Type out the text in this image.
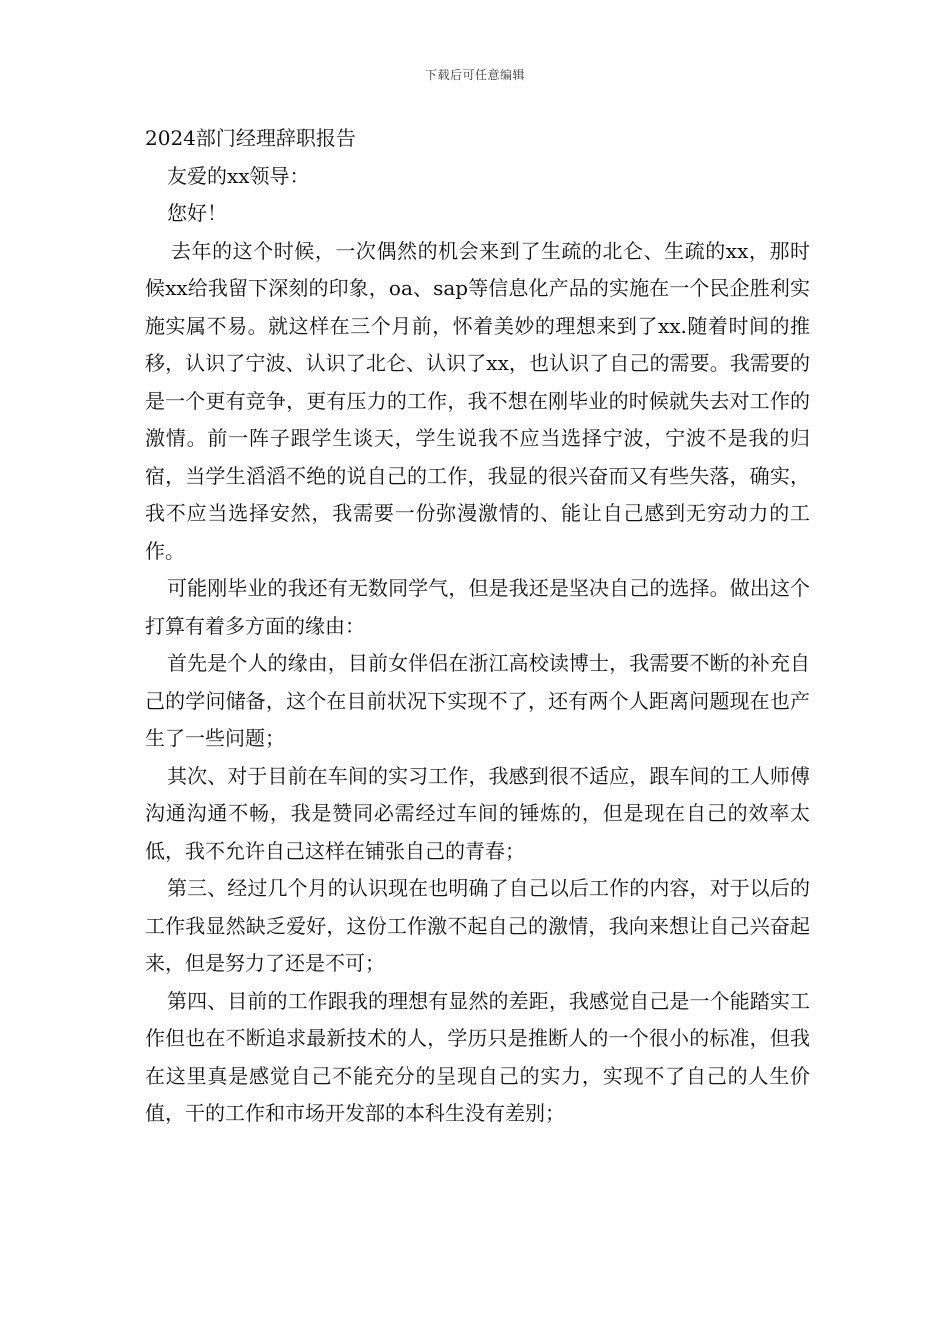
下载后可任意编辑
2024部门经理辞职报告

友爱的xx领导：

您好！

去年的这个时候，一次偶然的机会来到了生疏的北仑、生疏的xx，那时候xx给我留下深刻的印象，oa、sap等信息化产品的实施在一个民企胜利实施实属不易。就这样在三个月前，怀着美妙的理想来到了xx.随着时间的推移，认识了宁波、认识了北仑、认识了xx，也认识了自己的需要。我需要的是一个更有竞争，更有压力的工作，我不想在刚毕业的时候就失去对工作的激情。前一阵子跟学生谈天，学生说我不应当选择宁波，宁波不是我的归宿，当学生滔滔不绝的说自己的工作，我显的很兴奋而又有些失落，确实，我不应当选择安然，我需要一份弥漫激情的、能让自己感到无穷动力的工作。

可能刚毕业的我还有无数同学气，但是我还是坚决自己的选择。做出这个打算有着多方面的缘由：

首先是个人的缘由，目前女伴侣在浙江高校读博士，我需要不断的补充自己的学问储备，这个在目前状况下实现不了，还有两个人距离问题现在也产生了一些问题；

其次、对于目前在车间的实习工作，我感到很不适应，跟车间的工人师傅沟通沟通不畅，我是赞同必需经过车间的锤炼的，但是现在自己的效率太低，我不允许自己这样在铺张自己的青春；

第三、经过几个月的认识现在也明确了自己以后工作的内容，对于以后的工作我显然缺乏爱好，这份工作激不起自己的激情，我向来想让自己兴奋起来，但是努力了还是不可；

第四、目前的工作跟我的理想有显然的差距，我感觉自己是一个能踏实工作但也在不断追求最新技术的人，学历只是推断人的一个很小的标准，但我在这里真是感觉自己不能充分的呈现自己的实力，实现不了自己的人生价值，干的工作和市场开发部的本科生没有差别；
